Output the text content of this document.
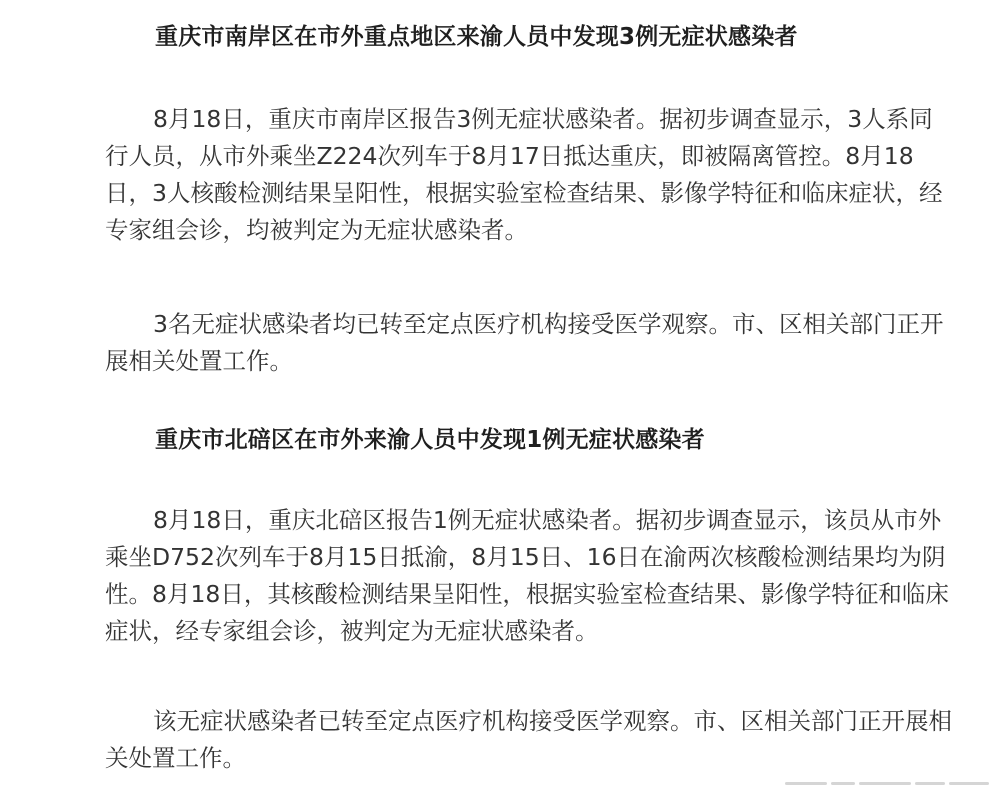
重庆市南岸区在市外重点地区来渝人员中发现3例无症状感染者

8月18日，重庆市南岸区报告3例无症状感染者。据初步调查显示，3人系同行人员，从市外乘坐Z224次列车于8月17日抵达重庆，即被隔离管控。8月18日，3人核酸检测结果呈阳性，根据实验室检查结果、影像学特征和临床症状，经专家组会诊，均被判定为无症状感染者。

3名无症状感染者均已转至定点医疗机构接受医学观察。市、区相关部门正开展相关处置工作。

重庆市北碚区在市外来渝人员中发现1例无症状感染者

8月18日，重庆北碚区报告1例无症状感染者。据初步调查显示，该员从市外乘坐D752次列车于8月15日抵渝，8月15日、16日在渝两次核酸检测结果均为阴性。8月18日，其核酸检测结果呈阳性，根据实验室检查结果、影像学特征和临床症状，经专家组会诊，被判定为无症状感染者。

该无症状感染者已转至定点医疗机构接受医学观察。市、区相关部门正开展相关处置工作。
